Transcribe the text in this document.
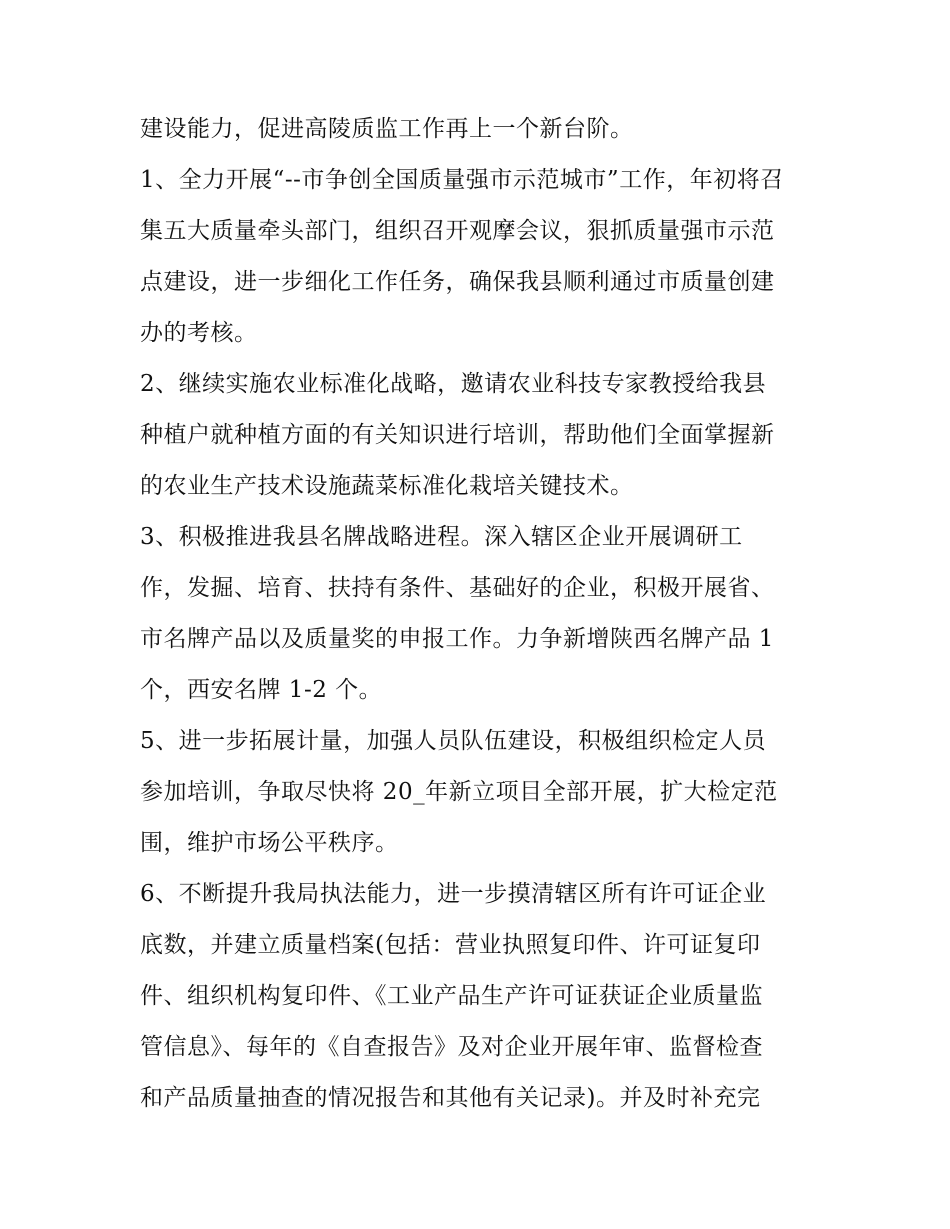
建设能力，促进高陵质监工作再上一个新台阶。
1、全力开展“--市争创全国质量强市示范城市”工作，年初将召
集五大质量牵头部门，组织召开观摩会议，狠抓质量强市示范
点建设，进一步细化工作任务，确保我县顺利通过市质量创建
办的考核。
2、继续实施农业标准化战略，邀请农业科技专家教授给我县
种植户就种植方面的有关知识进行培训，帮助他们全面掌握新
的农业生产技术设施蔬菜标准化栽培关键技术。
3、积极推进我县名牌战略进程。深入辖区企业开展调研工
作，发掘、培育、扶持有条件、基础好的企业，积极开展省、
市名牌产品以及质量奖的申报工作。力争新增陕西名牌产品 1
个，西安名牌 1-2 个。
5、进一步拓展计量，加强人员队伍建设，积极组织检定人员
参加培训，争取尽快将 20_年新立项目全部开展，扩大检定范
围，维护市场公平秩序。
6、不断提升我局执法能力，进一步摸清辖区所有许可证企业
底数，并建立质量档案(包括：营业执照复印件、许可证复印
件、组织机构复印件、《工业产品生产许可证获证企业质量监
管信息》、每年的《自查报告》及对企业开展年审、监督检查
和产品质量抽查的情况报告和其他有关记录)。并及时补充完
